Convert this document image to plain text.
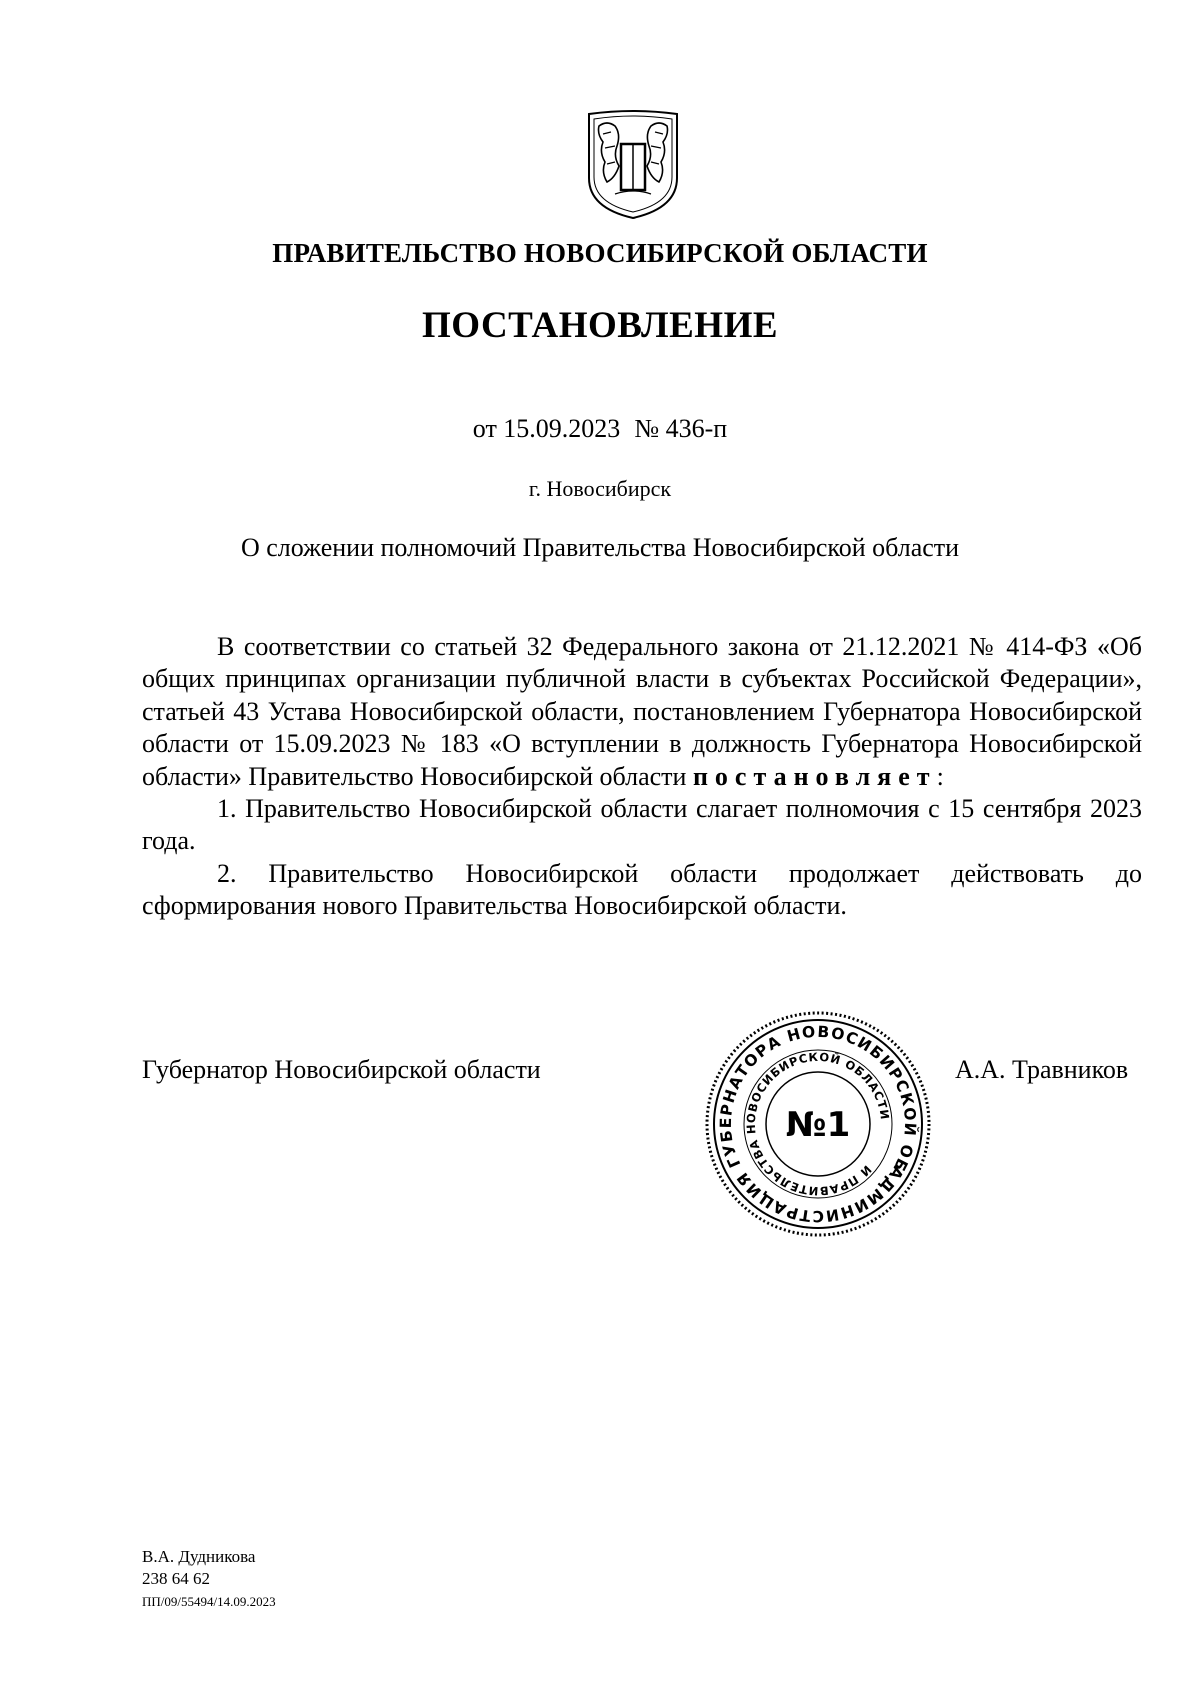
ПРАВИТЕЛЬСТВО НОВОСИБИРСКОЙ ОБЛАСТИ
ПОСТАНОВЛЕНИЕ
от 15.09.2023 № 436-п
г. Новосибирск
О сложении полномочий Правительства Новосибирской области

В соответствии со статьей 32 Федерального закона от 21.12.2021 № 414-ФЗ «Об общих принципах организации публичной власти в субъектах Российской Федерации», статьей 43 Устава Новосибирской области, постановлением Губернатора Новосибирской области от 15.09.2023 № 183 «О вступлении в должность Губернатора Новосибирской области» Правительство Новосибирской области постановляет:

1. Правительство Новосибирской области слагает полномочия с 15 сентября 2023 года.

2. Правительство Новосибирской области продолжает действовать до сформирования нового Правительства Новосибирской области.

Губернатор Новосибирской области	А.А. Травников
АДМИНИСТРАЦИЯ ГУБЕРНАТОРА НОВОСИБИРСКОЙ ОБЛАСТИ
И ПРАВИТЕЛЬСТВА НОВОСИБИРСКОЙ ОБЛАСТИ
№1
В.А. Дудникова
238 64 62
ПП/09/55494/14.09.2023
